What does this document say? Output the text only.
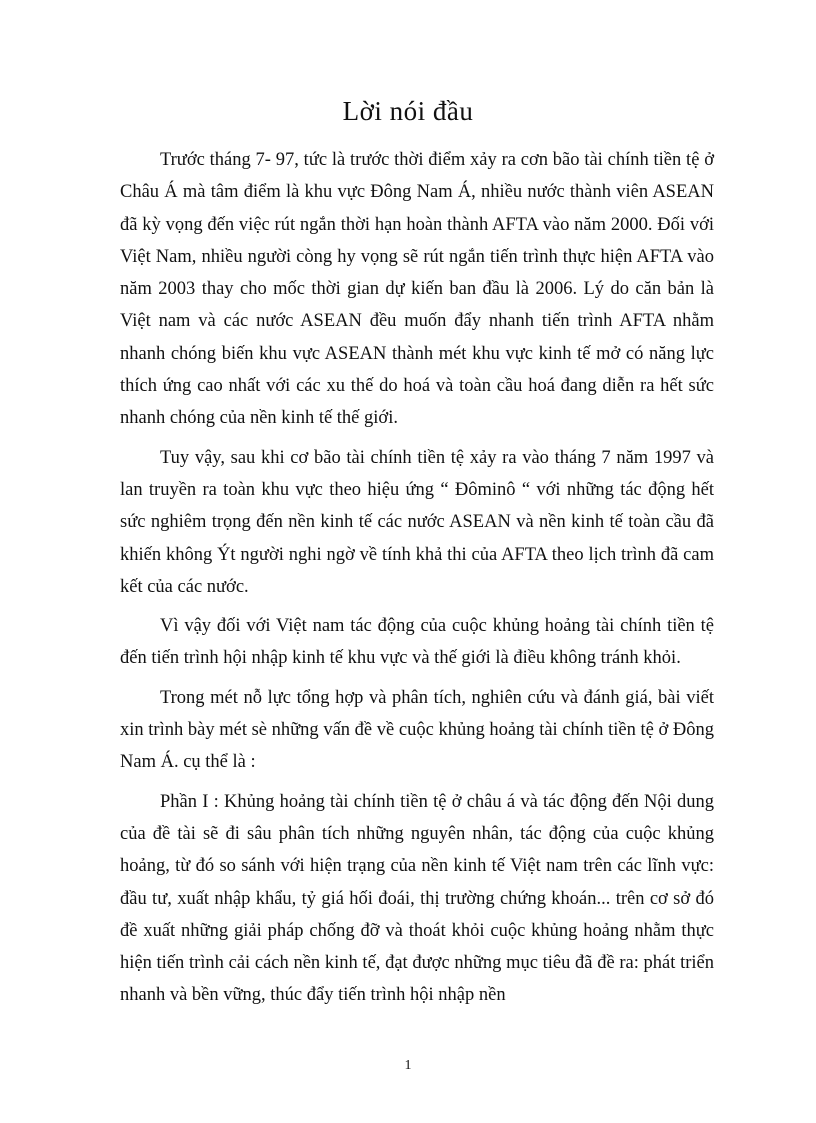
Lời nói đầu

Trước tháng 7- 97, tức là trước thời điểm xảy ra cơn bão tài chính tiền tệ ở Châu Á mà tâm điểm là khu vực Đông Nam Á, nhiều nước thành viên ASEAN đã kỳ vọng đến việc rút ngắn thời hạn hoàn thành AFTA vào năm 2000. Đối với Việt Nam, nhiều người còng hy vọng sẽ rút ngắn tiến trình thực hiện AFTA vào năm 2003 thay cho mốc thời gian dự kiến ban đầu là 2006. Lý do căn bản là Việt nam và các nước ASEAN đều muốn đẩy nhanh tiến trình AFTA nhằm nhanh chóng biến khu vực ASEAN thành mét khu vực kinh tế mở có năng lực thích ứng cao nhất với các xu thế do hoá và toàn cầu hoá đang diễn ra hết sức nhanh chóng của nền kinh tế thế giới.

Tuy vậy, sau khi cơ bão tài chính tiền tệ xảy ra vào tháng 7 năm 1997 và lan truyền ra toàn khu vực theo hiệu ứng “ Đôminô “ với những tác động hết sức nghiêm trọng đến nền kinh tế các nước ASEAN và nền kinh tế toàn cầu đã khiến không Ýt người nghi ngờ về tính khả thi của AFTA theo lịch trình đã cam kết của các nước.

Vì vậy đối với Việt nam tác động của cuộc khủng hoảng tài chính tiền tệ đến tiến trình hội nhập kinh tế khu vực và thế giới là điều không tránh khỏi.

Trong mét nỗ lực tổng hợp và phân tích, nghiên cứu và đánh giá, bài viết xin trình bày mét sè những vấn đề về cuộc khủng hoảng tài chính tiền tệ ở Đông Nam Á. cụ thể là :

Phần I : Khủng hoảng tài chính tiền tệ ở châu á và tác động đến Nội dung của đề tài sẽ đi sâu phân tích những nguyên nhân, tác động của cuộc khủng hoảng, từ đó so sánh với hiện trạng của nền kinh tế Việt nam trên các lĩnh vực: đầu tư, xuất nhập khẩu, tỷ giá hối đoái, thị trường chứng khoán... trên cơ sở đó đề xuất những giải pháp chống đỡ và thoát khỏi cuộc khủng hoảng nhằm thực hiện tiến trình cải cách nền kinh tế, đạt được những mục tiêu đã đề ra: phát triển nhanh và bền vững, thúc đẩy tiến trình hội nhập nền

1
